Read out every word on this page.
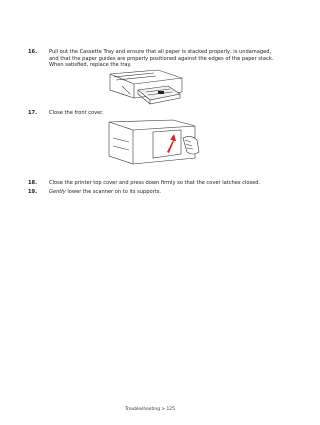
16. Pull out the Cassette Tray and ensure that all paper is stacked properly, is undamaged, and that the paper guides are properly positioned against the edges of the paper stack. When satisfied, replace the tray.
17. Close the front cover.
18. Close the printer top cover and press down firmly so that the cover latches closed.
19. Gently lower the scanner on to its supports.
Troubleshooting > 125
